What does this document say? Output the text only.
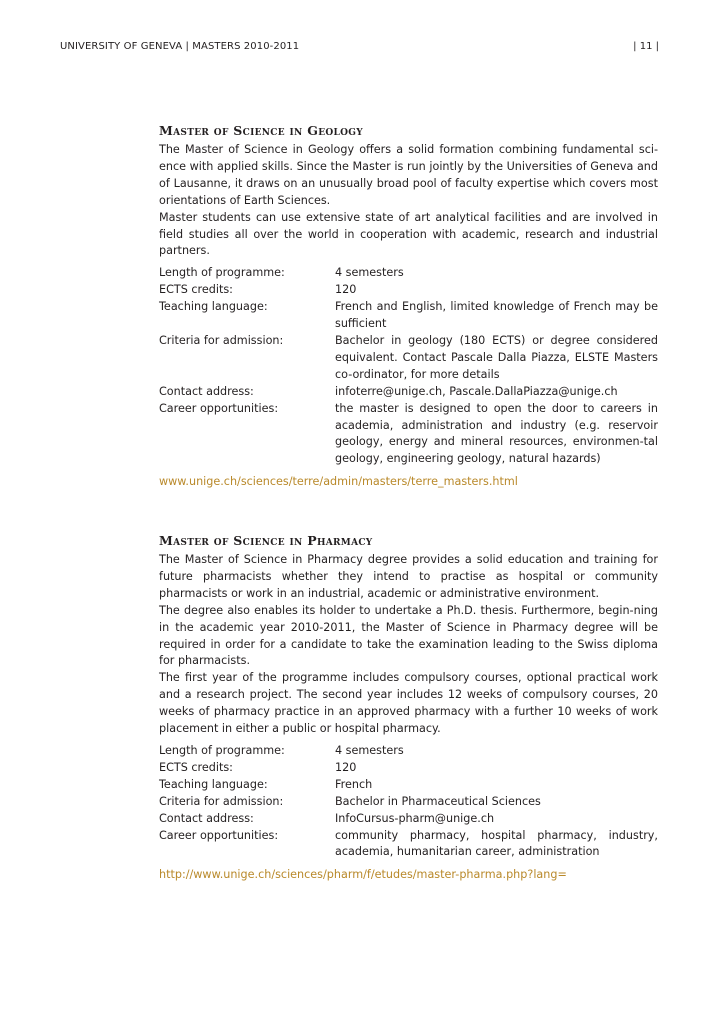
UNIVERSITY OF GENEVA | MASTERS 2010-2011	| 11 |
Master of Science in Geology

The Master of Science in Geology offers a solid formation combining fundamental sci-ence with applied skills. Since the Master is run jointly by the Universities of Geneva and of Lausanne, it draws on an unusually broad pool of faculty expertise which covers most orientations of Earth Sciences.

Master students can use extensive state of art analytical facilities and are involved in field studies all over the world in cooperation with academic, research and industrial partners.

Length of programme:	4 semesters
ECTS credits:	120
Teaching language:	French and English, limited knowledge of French may be sufficient
Criteria for admission:	Bachelor in geology (180 ECTS) or degree considered equivalent. Contact Pascale Dalla Piazza, ELSTE Masters co-ordinator, for more details
Contact address:	infoterre@unige.ch, Pascale.DallaPiazza@unige.ch
Career opportunities:	the master is designed to open the door to careers in academia, administration and industry (e.g. reservoir geology, energy and mineral resources, environmen-tal geology, engineering geology, natural hazards)
www.unige.ch/sciences/terre/admin/masters/terre_masters.html
Master of Science in Pharmacy

The Master of Science in Pharmacy degree provides a solid education and training for future pharmacists whether they intend to practise as hospital or community pharmacists or work in an industrial, academic or administrative environment.

The degree also enables its holder to undertake a Ph.D. thesis. Furthermore, begin-ning in the academic year 2010-2011, the Master of Science in Pharmacy degree will be required in order for a candidate to take the examination leading to the Swiss diploma for pharmacists.

The first year of the programme includes compulsory courses, optional practical work and a research project. The second year includes 12 weeks of compulsory courses, 20 weeks of pharmacy practice in an approved pharmacy with a further 10 weeks of work placement in either a public or hospital pharmacy.

Length of programme:	4 semesters
ECTS credits:	120
Teaching language:	French
Criteria for admission:	Bachelor in Pharmaceutical Sciences
Contact address:	InfoCursus-pharm@unige.ch
Career opportunities:	community pharmacy, hospital pharmacy, industry, academia, humanitarian career, administration
http://www.unige.ch/sciences/pharm/f/etudes/master-pharma.php?lang=
